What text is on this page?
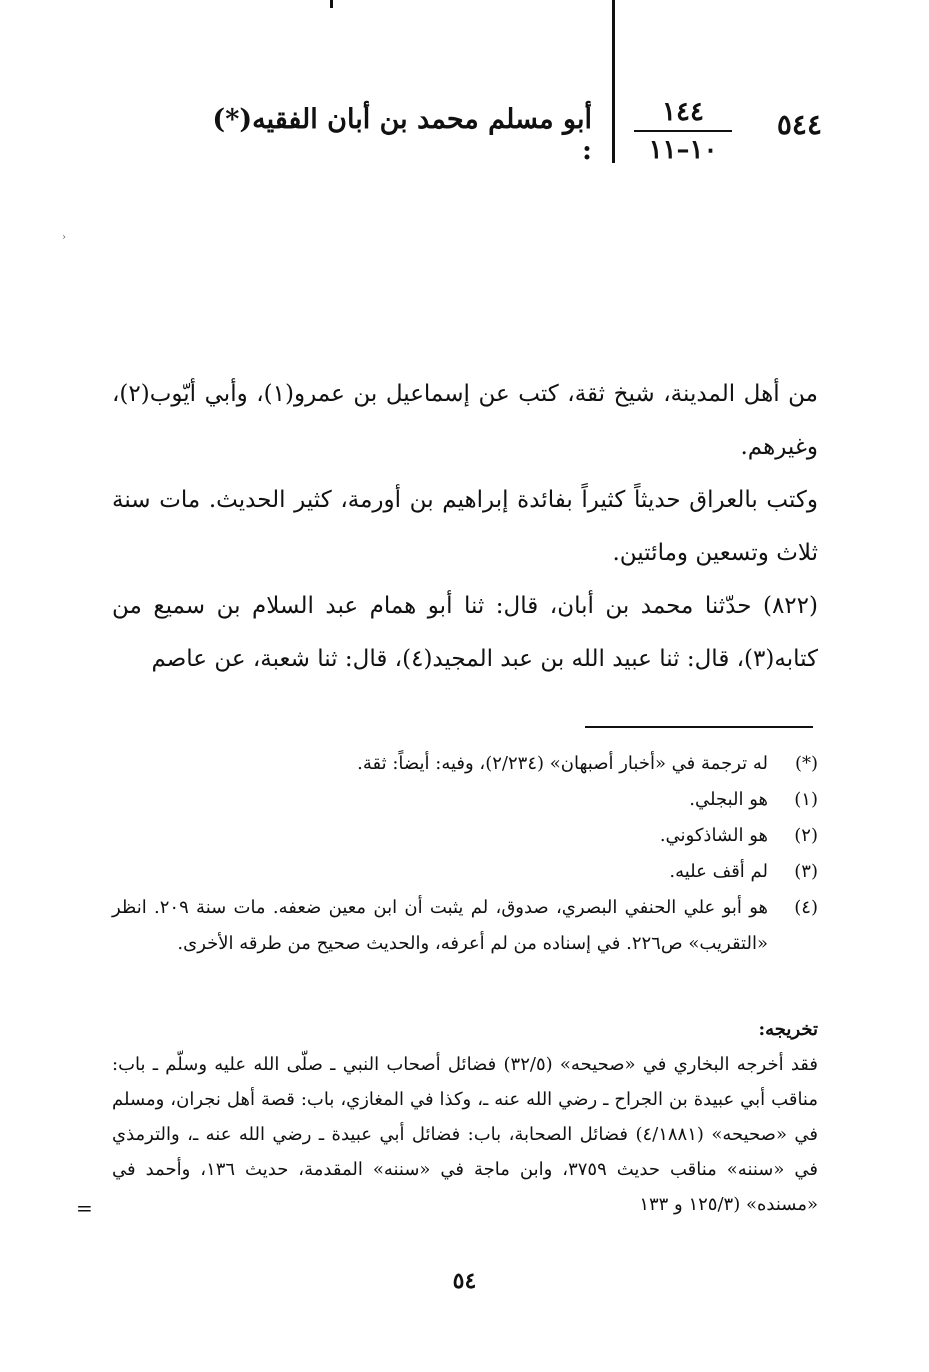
٥٤٤
١٤٤
١٠–١١
أبو مسلم محمد بن أبان الفقيه(*) :
›

من أهل المدينة، شيخ ثقة، كتب عن إسماعيل بن عمرو(١)، وأبي أيّوب(٢)، وغيرهم.

وكتب بالعراق حديثاً كثيراً بفائدة إبراهيم بن أورمة، كثير الحديث. مات سنة ثلاث وتسعين ومائتين.

(٨٢٢) حدّثنا محمد بن أبان، قال: ثنا أبو همام عبد السلام بن سميع من كتابه(٣)، قال: ثنا عبيد الله بن عبد المجيد(٤)، قال: ثنا شعبة، عن عاصم

(*)
له ترجمة في «أخبار أصبهان» (٢/٢٣٤)، وفيه: أيضاً: ثقة.
(١)
هو البجلي.
(٢)
هو الشاذكوني.
(٣)
لم أقف عليه.
(٤)
هو أبو علي الحنفي البصري، صدوق، لم يثبت أن ابن معين ضعفه. مات سنة ٢٠٩. انظر «التقريب» ص٢٢٦. في إسناده من لم أعرفه، والحديث صحيح من طرقه الأخرى.
تخريجه:
فقد أخرجه البخاري في «صحيحه» (٣٢/٥) فضائل أصحاب النبي ـ صلّى الله عليه وسلّم ـ باب: مناقب أبي عبيدة بن الجراح ـ رضي الله عنه ـ، وكذا في المغازي، باب: قصة أهل نجران، ومسلم في «صحيحه» (٤/١٨٨١) فضائل الصحابة، باب: فضائل أبي عبيدة ـ رضي الله عنه ـ، والترمذي في «سننه» مناقب حديث ٣٧٥٩، وابن ماجة في «سننه» المقدمة، حديث ١٣٦، وأحمد في «مسنده» (١٢٥/٣ و ١٣٣
=
٥٤
